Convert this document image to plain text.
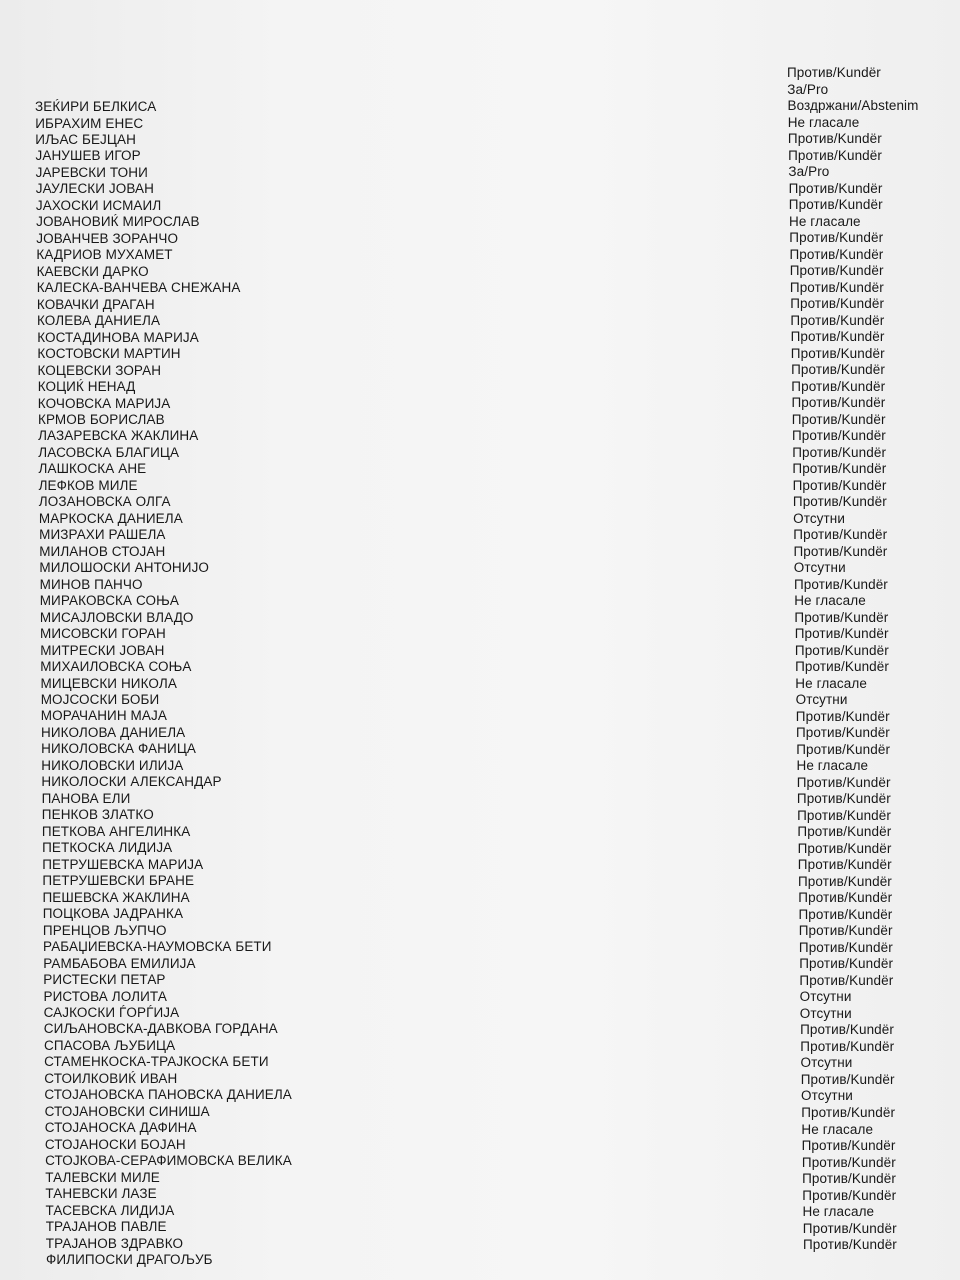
ЗЕЌИРИ БЕЛКИСА
ИБРАХИМ ЕНЕС
ИЉАС БЕЈЦАН
ЈАНУШЕВ ИГОР
ЈАРЕВСКИ ТОНИ
ЈАУЛЕСКИ ЈОВАН
ЈАХОСКИ ИСМАИЛ
ЈОВАНОВИЌ МИРОСЛАВ
ЈОВАНЧЕВ ЗОРАНЧО
КАДРИОВ МУХАМЕТ
КАЕВСКИ ДАРКО
КАЛЕСКА-ВАНЧЕВА СНЕЖАНА
КОВАЧКИ ДРАГАН
КОЛЕВА ДАНИЕЛА
КОСТАДИНОВА МАРИЈА
КОСТОВСКИ МАРТИН
КОЦЕВСКИ ЗОРАН
КОЦИЌ НЕНАД
КОЧОВСКА МАРИЈА
КРМОВ БОРИСЛАВ
ЛАЗАРЕВСКА ЖАКЛИНА
ЛАСОВСКА БЛАГИЦА
ЛАШКОСКА АНЕ
ЛЕФКОВ МИЛЕ
ЛОЗАНОВСКА ОЛГА
МАРКОСКА ДАНИЕЛА
МИЗРАХИ РАШЕЛА
МИЛАНОВ СТОЈАН
МИЛОШОСКИ АНТОНИЈО
МИНОВ ПАНЧО
МИРАКОВСКА СОЊА
МИСАЈЛОВСКИ ВЛАДО
МИСОВСКИ ГОРАН
МИТРЕСКИ ЈОВАН
МИХАИЛОВСКА СОЊА
МИЦЕВСКИ НИКОЛА
МОЈСОСКИ БОБИ
МОРАЧАНИН МАЈА
НИКОЛОВА ДАНИЕЛА
НИКОЛОВСКА ФАНИЦА
НИКОЛОВСКИ ИЛИЈА
НИКОЛОСКИ АЛЕКСАНДАР
ПАНОВА ЕЛИ
ПЕНКОВ ЗЛАТКО
ПЕТКОВА АНГЕЛИНКА
ПЕТКОСКА ЛИДИЈА
ПЕТРУШЕВСКА МАРИЈА
ПЕТРУШЕВСКИ БРАНЕ
ПЕШЕВСКА ЖАКЛИНА
ПОЦКОВА ЈАДРАНКА
ПРЕНЦОВ ЉУПЧО
РАБАЏИЕВСКА-НАУМОВСКА БЕТИ
РАМБАБОВА ЕМИЛИЈА
РИСТЕСКИ ПЕТАР
РИСТОВА ЛОЛИТА
САЈКОСКИ ЃОРЃИЈА
СИЉАНОВСКА-ДАВКОВА ГОРДАНА
СПАСОВА ЉУБИЦА
СТАМЕНКОСКА-ТРАЈКОСКА БЕТИ
СТОИЛКОВИЌ ИВАН
СТОЈАНОВСКА ПАНОВСКА ДАНИЕЛА
СТОЈАНОВСКИ СИНИША
СТОЈАНОСКА ДАФИНА
СТОЈАНОСКИ БОЈАН
СТОЈКОВА-СЕРАФИМОВСКА ВЕЛИКА
ТАЛЕВСКИ МИЛЕ
ТАНЕВСКИ ЛАЗЕ
ТАСЕВСКА ЛИДИЈА
ТРАЈАНОВ ПАВЛЕ
ТРАЈАНОВ ЗДРАВКО
ФИЛИПОСКИ ДРАГОЉУБ
Против/Kundër
За/Pro
Воздржани/Abstenim
Не гласале
Против/Kundër
Против/Kundër
За/Pro
Против/Kundër
Против/Kundër
Не гласале
Против/Kundër
Против/Kundër
Против/Kundër
Против/Kundër
Против/Kundër
Против/Kundër
Против/Kundër
Против/Kundër
Против/Kundër
Против/Kundër
Против/Kundër
Против/Kundër
Против/Kundër
Против/Kundër
Против/Kundër
Против/Kundër
Против/Kundër
Отсутни
Против/Kundër
Против/Kundër
Отсутни
Против/Kundër
Не гласале
Против/Kundër
Против/Kundër
Против/Kundër
Против/Kundër
Не гласале
Отсутни
Против/Kundër
Против/Kundër
Против/Kundër
Не гласале
Против/Kundër
Против/Kundër
Против/Kundër
Против/Kundër
Против/Kundër
Против/Kundër
Против/Kundër
Против/Kundër
Против/Kundër
Против/Kundër
Против/Kundër
Против/Kundër
Против/Kundër
Отсутни
Отсутни
Против/Kundër
Против/Kundër
Отсутни
Против/Kundër
Отсутни
Против/Kundër
Не гласале
Против/Kundër
Против/Kundër
Против/Kundër
Против/Kundër
Не гласале
Против/Kundër
Против/Kundër
